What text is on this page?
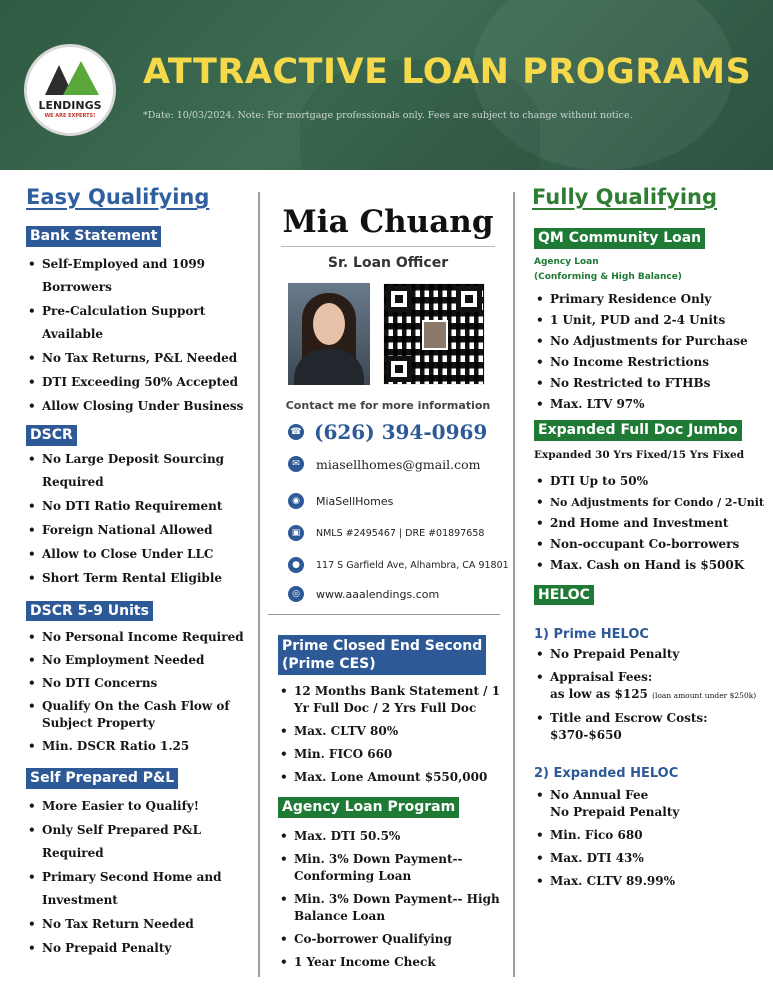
LENDINGS
WE ARE EXPERTS!
ATTRACTIVE LOAN PROGRAMS
*Date: 10/03/2024. Note: For mortgage professionals only. Fees are subject to change without notice.
Easy Qualifying
Bank Statement
• Self-Employed and 1099 Borrowers
• Pre-Calculation Support Available
• No Tax Returns, P&L Needed
• DTI Exceeding 50% Accepted
• Allow Closing Under Business
DSCR
• No Large Deposit Sourcing Required
• No DTI Ratio Requirement
• Foreign National Allowed
• Allow to Close Under LLC
• Short Term Rental Eligible
DSCR 5-9 Units
• No Personal Income Required
• No Employment Needed
• No DTI Concerns
• Qualify On the Cash Flow of Subject Property
• Min. DSCR Ratio 1.25
Self Prepared P&L
• More Easier to Qualify!
• Only Self Prepared P&L Required
• Primary Second Home and Investment
• No Tax Return Needed
• No Prepaid Penalty
Mia Chuang
Sr. Loan Officer
Contact me for more information
☎ (626) 394-0969
✉	miasellhomes@gmail.com
◉	MiaSellHomes
▣	NMLS #2495467 | DRE #01897658
●	117 S Garfield Ave, Alhambra, CA 91801
◎	www.aaalendings.com
Prime Closed End Second
(Prime CES)
• 12 Months Bank Statement / 1 Yr Full Doc / 2 Yrs Full Doc
• Max. CLTV 80%
• Min. FICO 660
• Max. Lone Amount $550,000
Agency Loan Program
• Max. DTI 50.5%
• Min. 3% Down Payment-- Conforming Loan
• Min. 3% Down Payment-- High Balance Loan
• Co-borrower Qualifying
• 1 Year Income Check
Fully Qualifying
QM Community Loan
Agency Loan
(Conforming & High Balance)
• Primary Residence Only
• 1 Unit, PUD and 2-4 Units
• No Adjustments for Purchase
• No Income Restrictions
• No Restricted to FTHBs
• Max. LTV 97%
Expanded Full Doc Jumbo
Expanded 30 Yrs Fixed/15 Yrs Fixed
• DTI Up to 50%
• No Adjustments for Condo / 2-Unit
• 2nd Home and Investment
• Non-occupant Co-borrowers
• Max. Cash on Hand is $500K
HELOC
1) Prime HELOC
• No Prepaid Penalty
• Appraisal Fees:
as low as $125 (loan amount under $250k)
• Title and Escrow Costs: $370-$650
2) Expanded HELOC
• No Annual Fee
No Prepaid Penalty
• Min. Fico 680
• Max. DTI 43%
• Max. CLTV 89.99%
